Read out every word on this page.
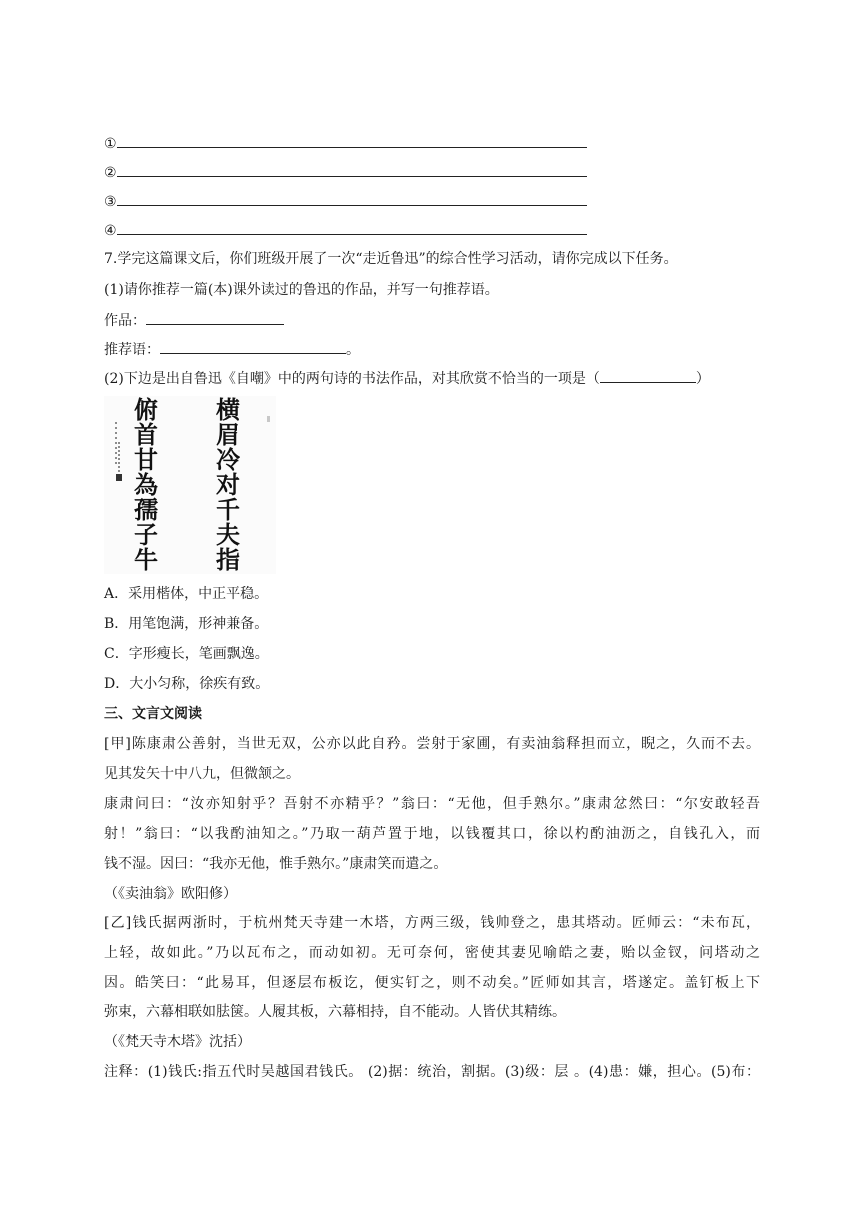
①
②
③
④
7.学完这篇课文后，你们班级开展了一次“走近鲁迅”的综合性学习活动，请你完成以下任务。
(1)请你推荐一篇(本)课外读过的鲁迅的作品，并写一句推荐语。
作品：
推荐语：	。
(2)下边是出自鲁迅《自嘲》中的两句诗的书法作品，对其欣赏不恰当的一项是（	）
横
眉
冷
对
千
夫
指
俯
首
甘
為
孺
子
牛
A．采用楷体，中正平稳。
B．用笔饱满，形神兼备。
C．字形瘦长，笔画飘逸。
D．大小匀称，徐疾有致。
三、文言文阅读
[甲]陈康肃公善射，当世无双，公亦以此自矜。尝射于家圃，有卖油翁释担而立，睨之，久而不去。
见其发矢十中八九，但微颔之。
康肃问曰：“汝亦知射乎？吾射不亦精乎？”翁曰：“无他，但手熟尔。”康肃忿然曰：“尔安敢轻吾
射！”翁曰：“以我酌油知之。”乃取一葫芦置于地，以钱覆其口，徐以杓酌油沥之，自钱孔入，而
钱不湿。因曰：“我亦无他，惟手熟尔。”康肃笑而遣之。
（《卖油翁》欧阳修）
[乙]钱氏据两浙时，于杭州梵天寺建一木塔，方两三级，钱帅登之，患其塔动。匠师云：“未布瓦，
上轻，故如此。”乃以瓦布之，而动如初。无可奈何，密使其妻见喻皓之妻，贻以金钗，问塔动之
因。皓笑曰：“此易耳，但逐层布板讫，便实钉之，则不动矣。”匠师如其言，塔遂定。盖钉板上下
弥束，六幕相联如胠箧。人履其板，六幕相持，自不能动。人皆伏其精练。
（《梵天寺木塔》沈括）
注释：(1)钱氏:指五代时吴越国君钱氏。 (2)据：统治，割据。(3)级：层 。(4)患：嫌，担心。(5)布：
